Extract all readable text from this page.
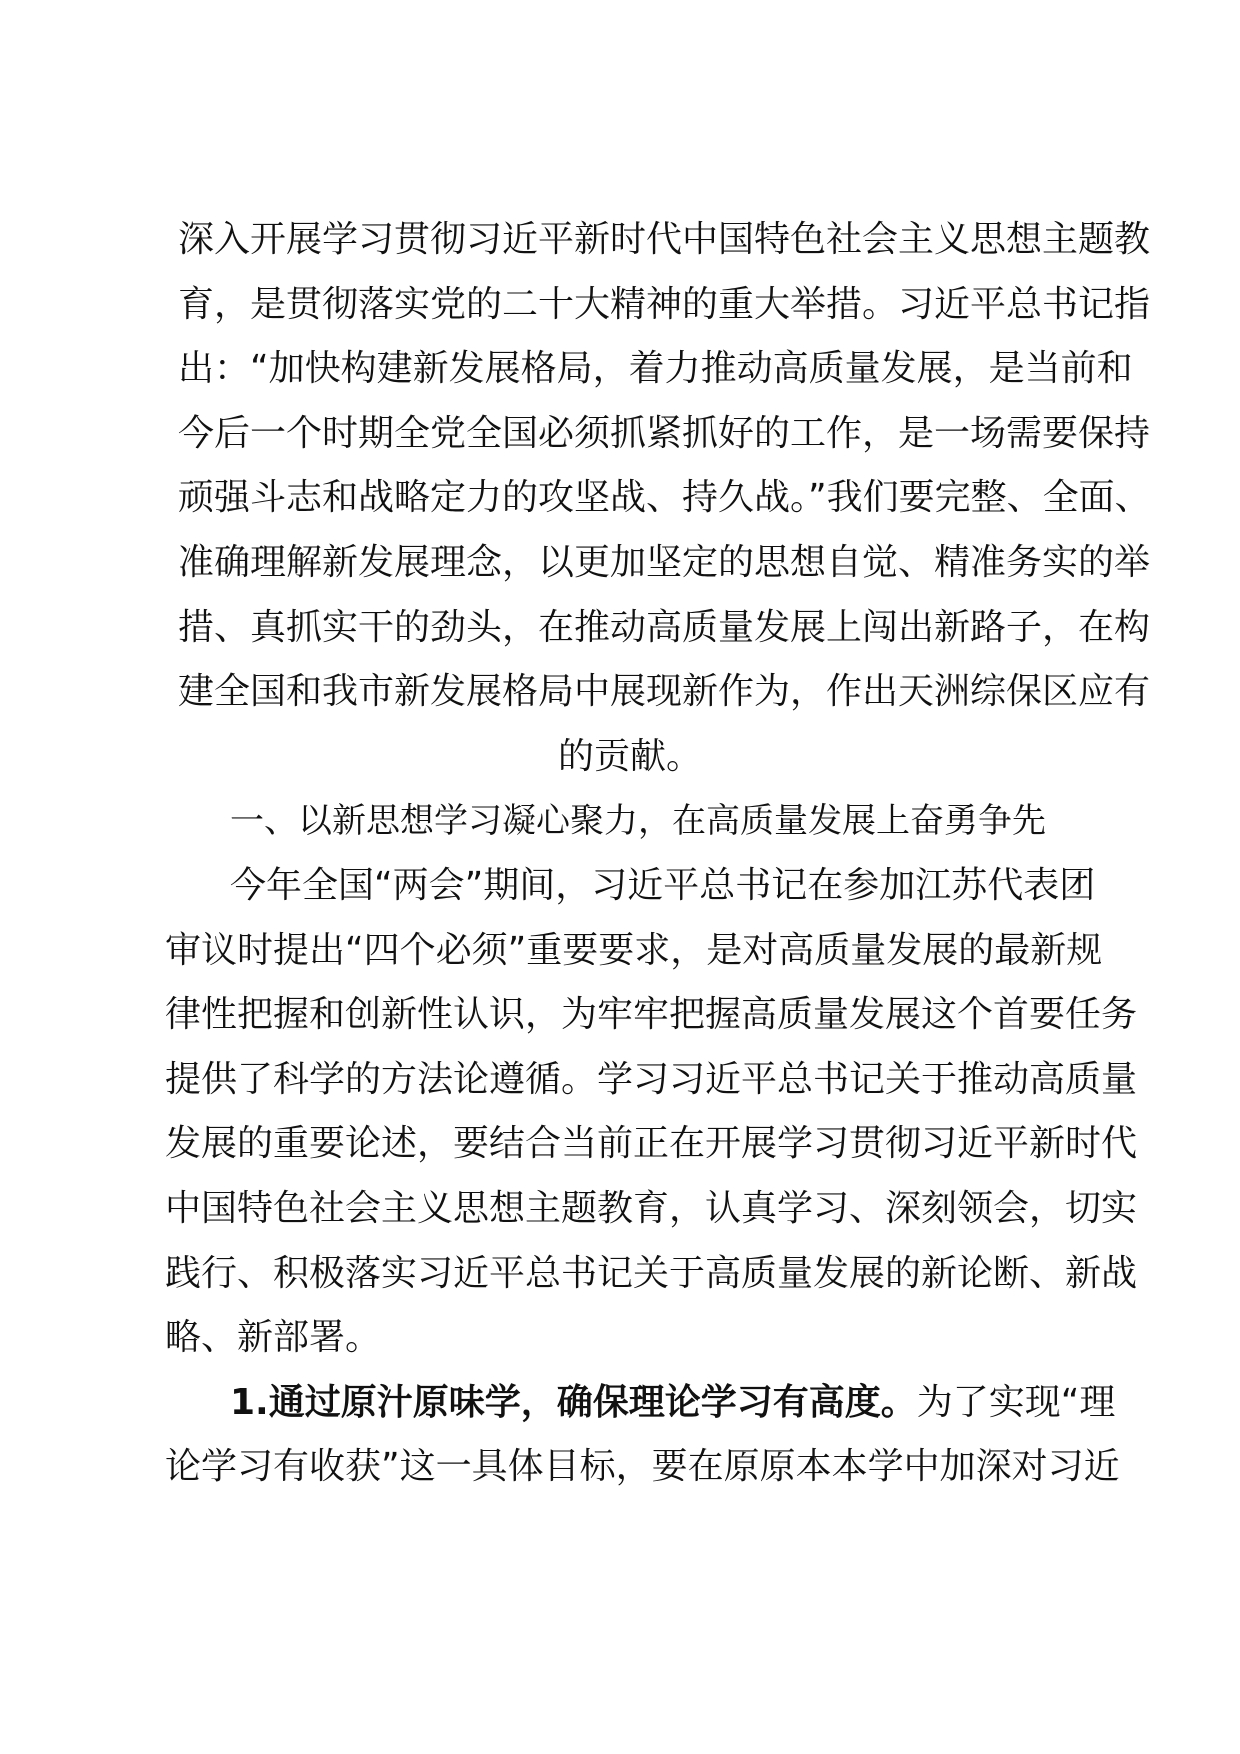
深入开展学习贯彻习近平新时代中国特色社会主义思想主题教
育，是贯彻落实党的二十大精神的重大举措。习近平总书记指
出：“加快构建新发展格局，着力推动高质量发展，是当前和
今后一个时期全党全国必须抓紧抓好的工作，是一场需要保持
顽强斗志和战略定力的攻坚战、持久战。”我们要完整、全面、
准确理解新发展理念，以更加坚定的思想自觉、精准务实的举
措、真抓实干的劲头，在推动高质量发展上闯出新路子，在构
建全国和我市新发展格局中展现新作为，作出天洲综保区应有
的贡献。
一、以新思想学习凝心聚力，在高质量发展上奋勇争先
今年全国“两会”期间，习近平总书记在参加江苏代表团
审议时提出“四个必须”重要要求，是对高质量发展的最新规
律性把握和创新性认识，为牢牢把握高质量发展这个首要任务
提供了科学的方法论遵循。学习习近平总书记关于推动高质量
发展的重要论述，要结合当前正在开展学习贯彻习近平新时代
中国特色社会主义思想主题教育，认真学习、深刻领会，切实
践行、积极落实习近平总书记关于高质量发展的新论断、新战
略、新部署。
1.通过原汁原味学，确保理论学习有高度。为了实现“理
论学习有收获”这一具体目标，要在原原本本学中加深对习近
